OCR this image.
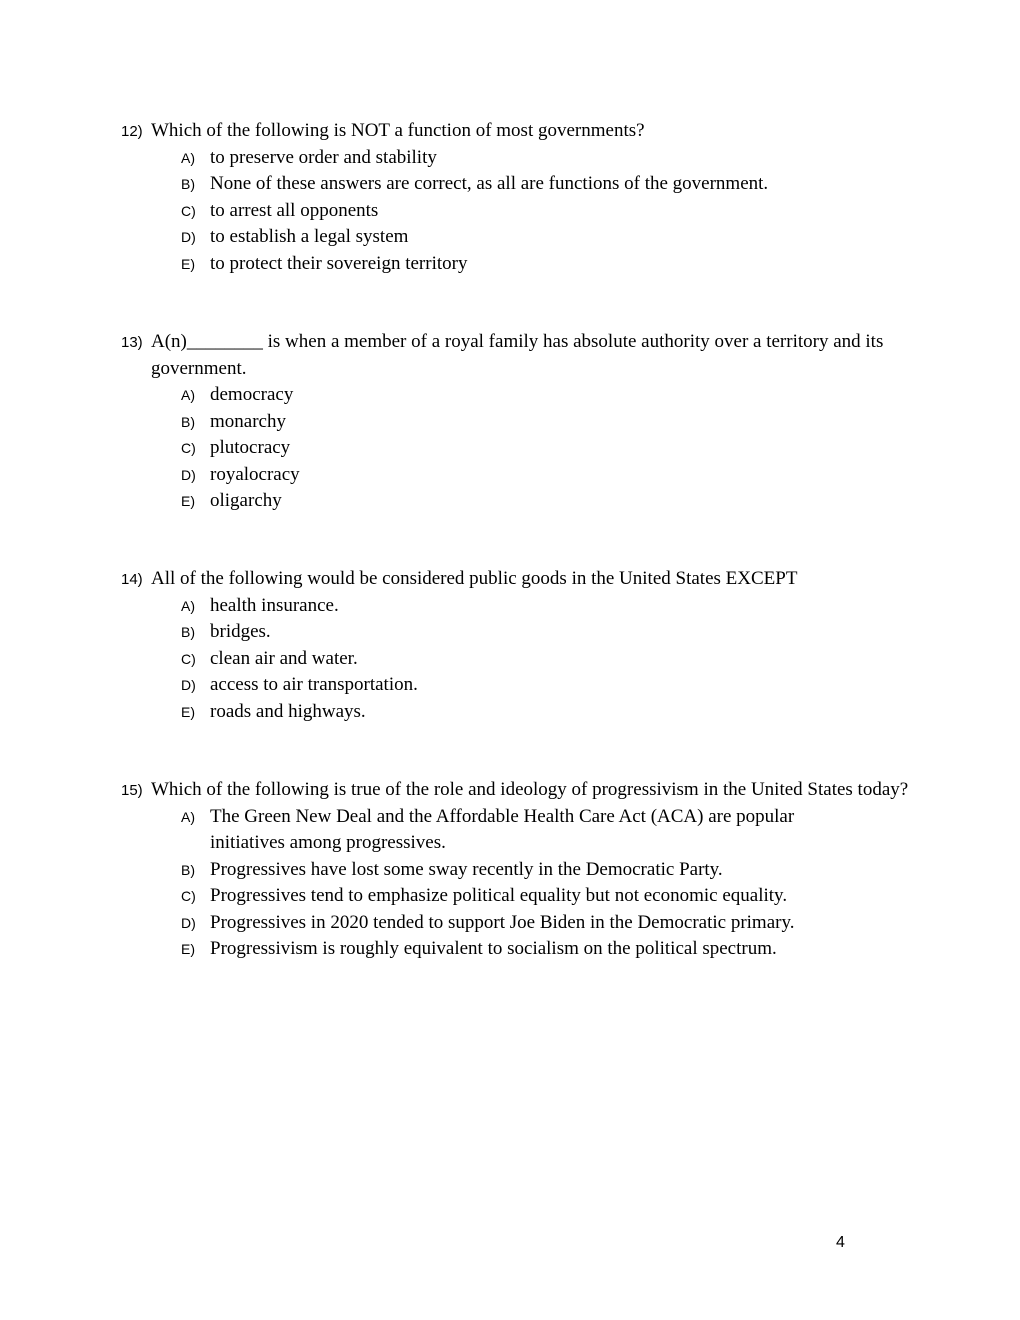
12) Which of the following is NOT a function of most governments?
A) to preserve order and stability
B) None of these answers are correct, as all are functions of the government.
C) to arrest all opponents
D) to establish a legal system
E) to protect their sovereign territory
13) A(n)________ is when a member of a royal family has absolute authority over a territory and its government.
A) democracy
B) monarchy
C) plutocracy
D) royalocracy
E) oligarchy
14) All of the following would be considered public goods in the United States EXCEPT
A) health insurance.
B) bridges.
C) clean air and water.
D) access to air transportation.
E) roads and highways.
15) Which of the following is true of the role and ideology of progressivism in the United States today?
A) The Green New Deal and the Affordable Health Care Act (ACA) are popular initiatives among progressives.
B) Progressives have lost some sway recently in the Democratic Party.
C) Progressives tend to emphasize political equality but not economic equality.
D) Progressives in 2020 tended to support Joe Biden in the Democratic primary.
E) Progressivism is roughly equivalent to socialism on the political spectrum.
4
